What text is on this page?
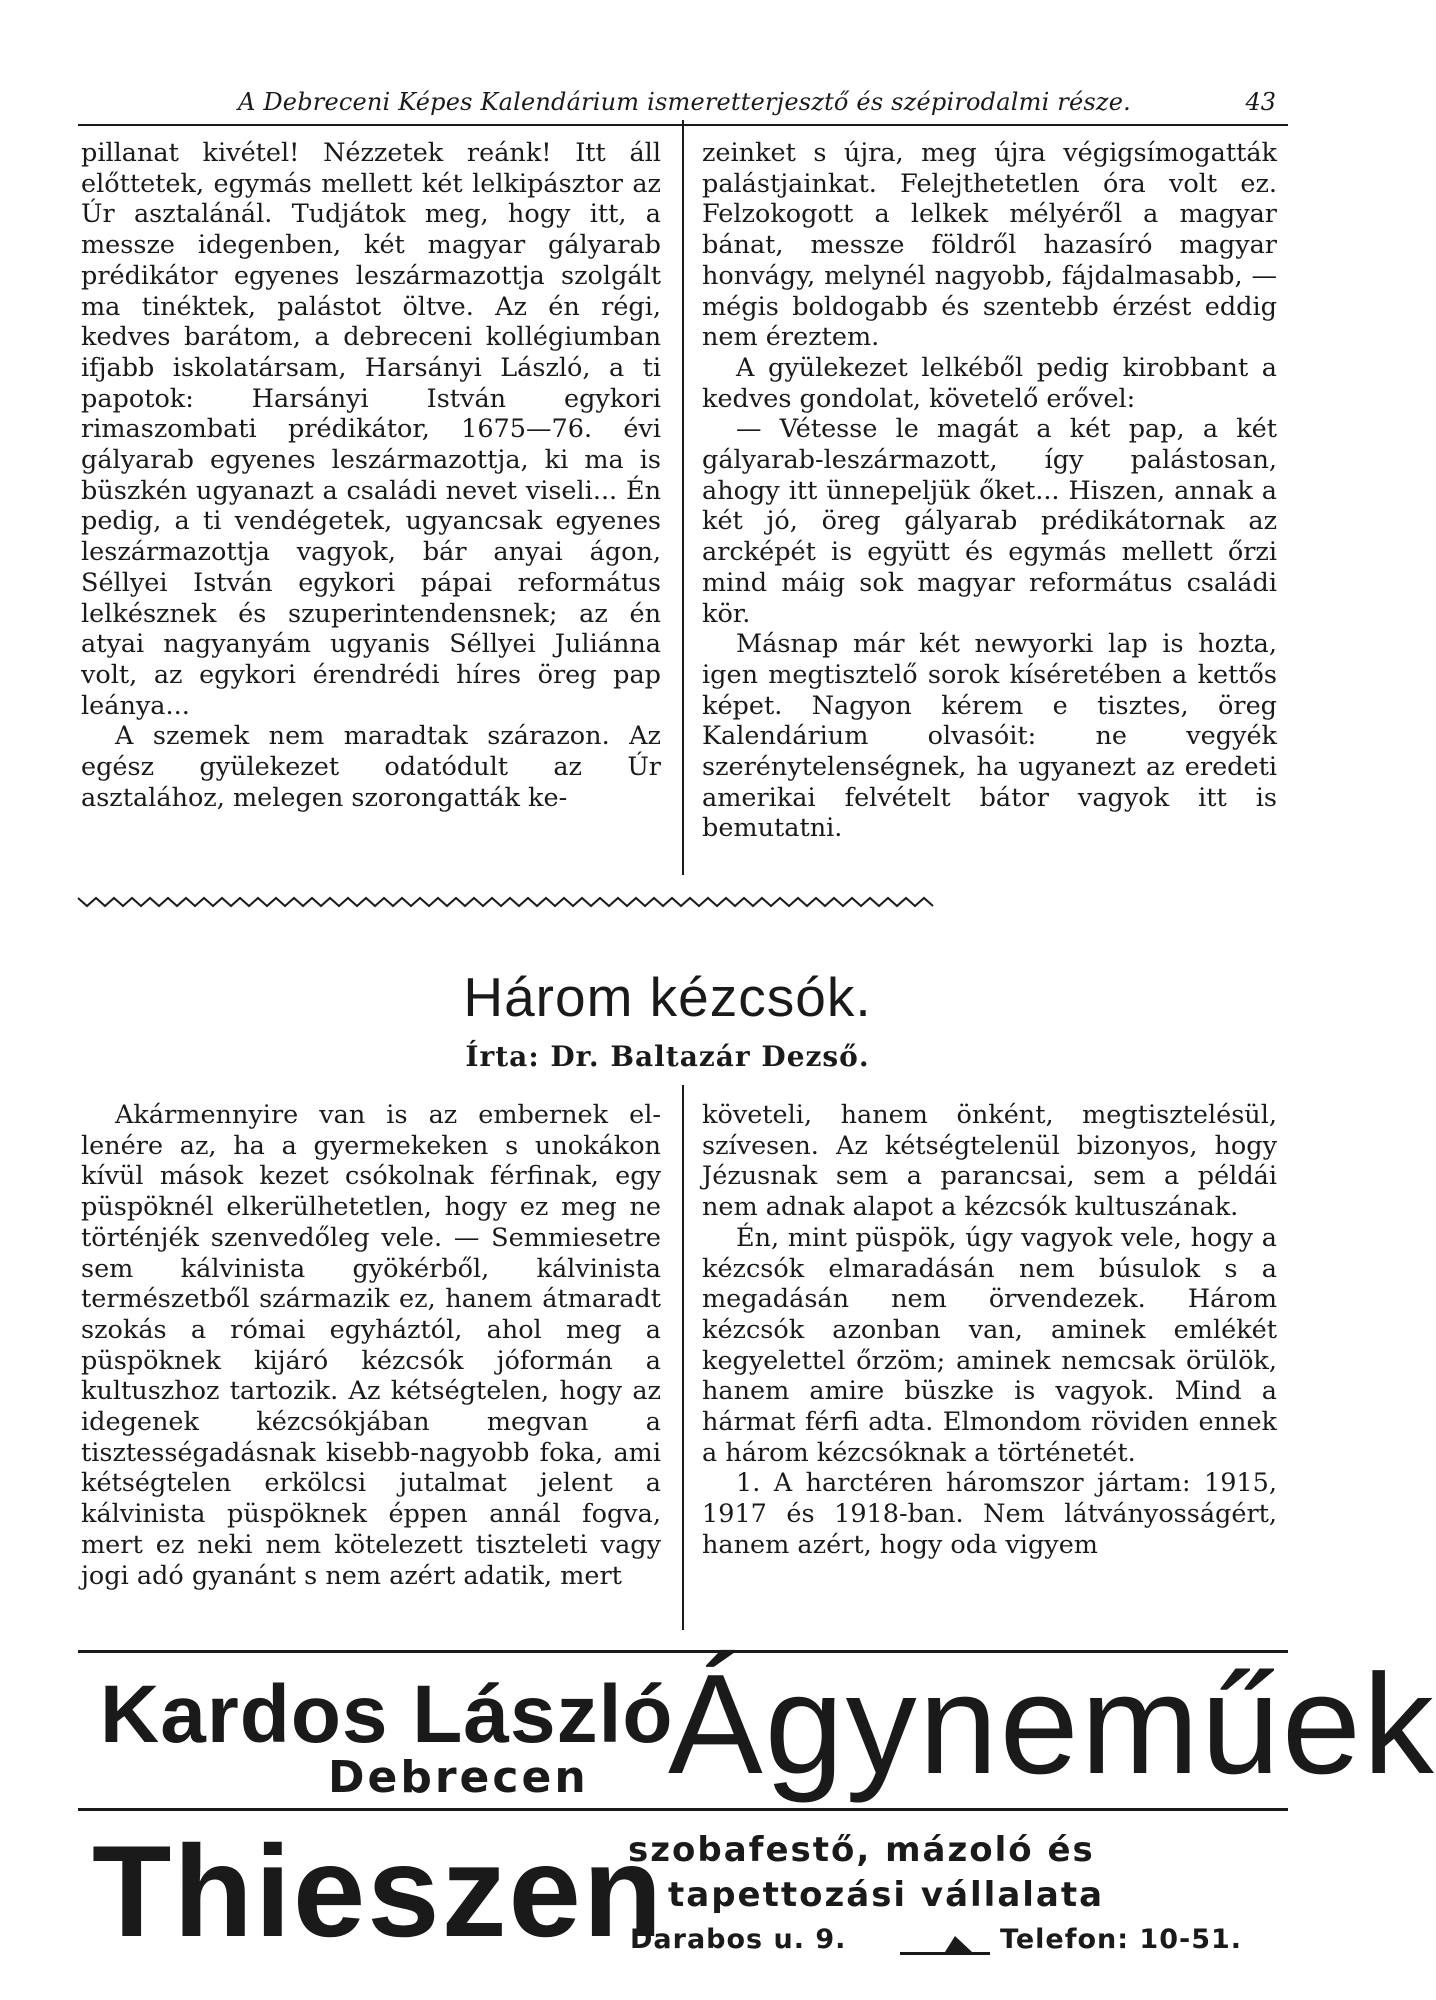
A Debreceni Képes Kalendárium ismeretterjesztő és szépirodalmi része.	43

pillanat kivétel! Nézzetek reánk! Itt áll előttetek, egymás mellett két lelkipásztor az Úr asztalánál. Tudjátok meg, hogy itt, a messze idegenben, két magyar gályarab prédikátor egyenes leszármazottja szolgált ma tinéktek, palástot öltve. Az én régi, kedves barátom, a debreceni kollégiumban ifjabb iskolatársam, Harsányi László, a ti papotok: Harsányi István egykori rimaszombati prédikátor, 1675—76. évi gályarab egyenes leszármazottja, ki ma is büszkén ugyanazt a családi nevet viseli... Én pedig, a ti vendégetek, ugyancsak egyenes leszármazottja vagyok, bár anyai ágon, Séllyei István egykori pápai református lelkésznek és szuperintendensnek; az én atyai nagyanyám ugyanis Séllyei Juliánna volt, az egykori érendrédi híres öreg pap leánya...

A szemek nem maradtak szárazon. Az egész gyülekezet odatódult az Úr asztalához, melegen szorongatták ke-

zeinket s újra, meg újra végigsímogatták palástjainkat. Felejthetetlen óra volt ez. Felzokogott a lelkek mélyéről a magyar bánat, messze földről hazasíró magyar honvágy, melynél nagyobb, fájdalmasabb, — mégis boldogabb és szentebb érzést eddig nem éreztem.

A gyülekezet lelkéből pedig kirobbant a kedves gondolat, követelő erővel:

— Vétesse le magát a két pap, a két gályarab-leszármazott, így palástosan, ahogy itt ünnepeljük őket... Hiszen, annak a két jó, öreg gályarab prédikátornak az arcképét is együtt és egymás mellett őrzi mind máig sok magyar református családi kör.

Másnap már két newyorki lap is hozta, igen megtisztelő sorok kíséretében a kettős képet. Nagyon kérem e tisztes, öreg Kalendárium olvasóit: ne vegyék szerénytelenségnek, ha ugyanezt az eredeti amerikai felvételt bátor vagyok itt is bemutatni.

Három kézcsók.
Írta: Dr. Baltazár Dezső.

Akármennyire van is az embernek ellenére az, ha a gyermekeken s unokákon kívül mások kezet csókolnak férfinak, egy püspöknél elkerülhetetlen, hogy ez meg ne történjék szenvedőleg vele. — Semmiesetre sem kálvinista gyökérből, kálvinista természetből származik ez, hanem átmaradt szokás a római egyháztól, ahol meg a püspöknek kijáró kézcsók jóformán a kultuszhoz tartozik. Az kétségtelen, hogy az idegenek kézcsókjában megvan a tisztességadásnak kisebb-nagyobb foka, ami kétségtelen erkölcsi jutalmat jelent a kálvinista püspöknek éppen annál fogva, mert ez neki nem kötelezett tiszteleti vagy jogi adó gyanánt s nem azért adatik, mert

követeli, hanem önként, megtisztelésül, szívesen. Az kétségtelenül bizonyos, hogy Jézusnak sem a parancsai, sem a példái nem adnak alapot a kézcsók kultuszának.

Én, mint püspök, úgy vagyok vele, hogy a kézcsók elmaradásán nem búsulok s a megadásán nem örvendezek. Három kézcsók azonban van, aminek emlékét kegyelettel őrzöm; aminek nemcsak örülök, hanem amire büszke is vagyok. Mind a hármat férfi adta. Elmondom röviden ennek a három kézcsóknak a történetét.

1. A harctéren háromszor jártam: 1915, 1917 és 1918-ban. Nem látványosságért, hanem azért, hogy oda vigyem

Kardos László
Debrecen Ágyneműek
Thieszen
szobafestő, mázoló és
tapettozási vállalata
Darabos u. 9.	Telefon: 10-51.
